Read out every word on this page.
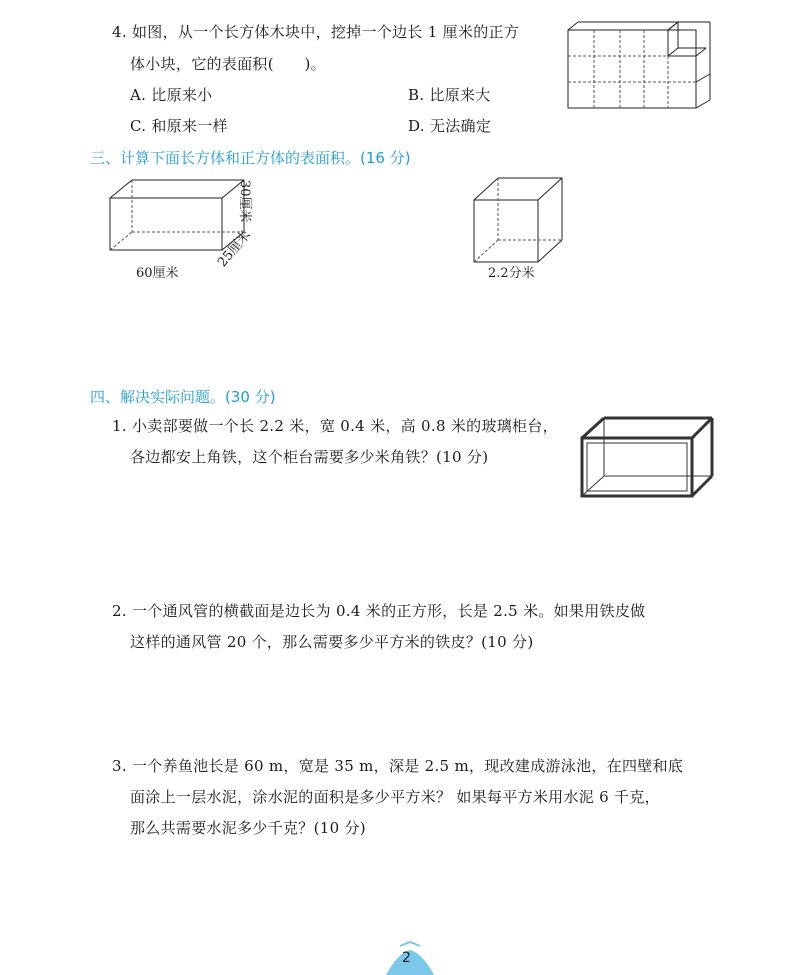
4. 如图，从一个长方体木块中，挖掉一个边长 1 厘米的正方
体小块，它的表面积(　　)。
A. 比原来小	B. 比原来大
C. 和原来一样	D. 无法确定
三、计算下面长方体和正方体的表面积。(16 分)
60厘米
25厘米
30厘米
2.2分米
四、解决实际问题。(30 分)
1. 小卖部要做一个长 2.2 米，宽 0.4 米，高 0.8 米的玻璃柜台，
各边都安上角铁，这个柜台需要多少米角铁？(10 分)
2. 一个通风管的横截面是边长为 0.4 米的正方形，长是 2.5 米。如果用铁皮做
这样的通风管 20 个，那么需要多少平方米的铁皮？(10 分)
3. 一个养鱼池长是 60 m，宽是 35 m，深是 2.5 m，现改建成游泳池，在四壁和底
面涂上一层水泥，涂水泥的面积是多少平方米？ 如果每平方米用水泥 6 千克，
那么共需要水泥多少千克？(10 分)
2
